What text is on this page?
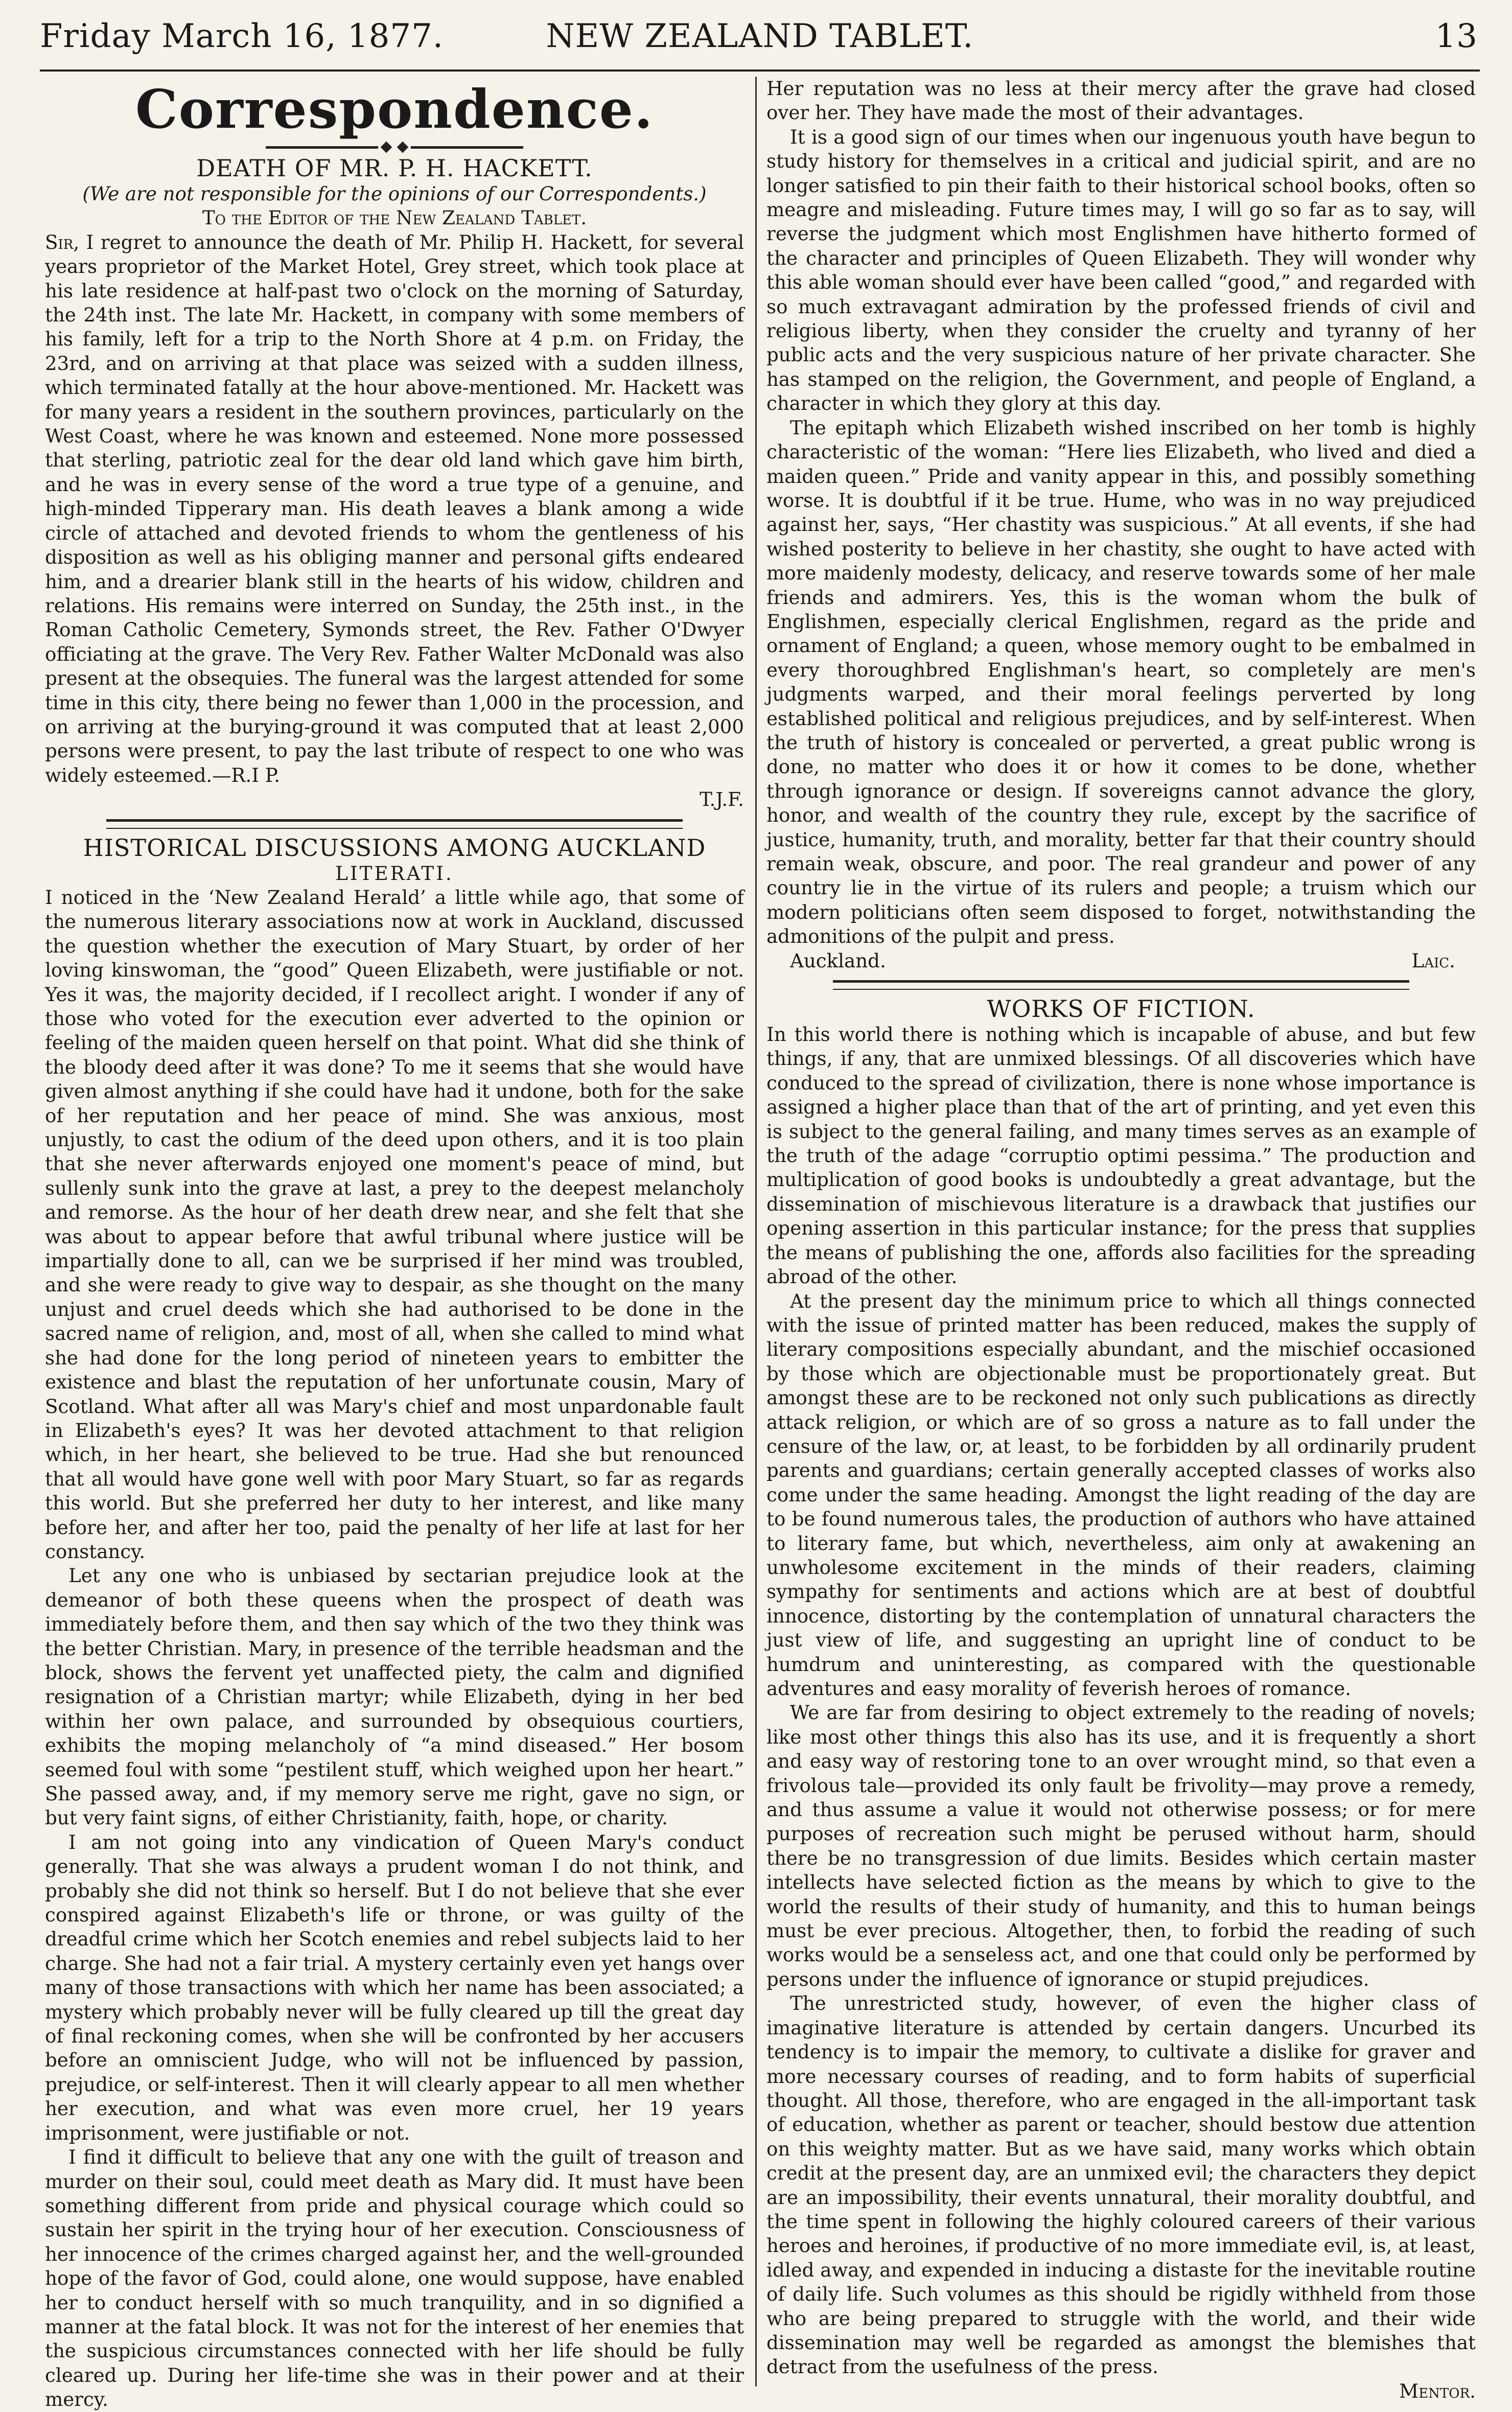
Friday March 16, 1877.	NEW ZEALAND TABLET.	13
Correspondence.

DEATH OF MR. P. H. HACKETT.

(We are not responsible for the opinions of our Correspondents.)

To the Editor of the New Zealand Tablet.

Sir, I regret to announce the death of Mr. Philip H. Hackett, for several years proprietor of the Market Hotel, Grey street, which took place at his late residence at half-past two o'clock on the morning of Saturday, the 24th inst. The late Mr. Hackett, in company with some members of his family, left for a trip to the North Shore at 4 p.m. on Friday, the 23rd, and on arriving at that place was seized with a sudden illness, which terminated fatally at the hour above-mentioned. Mr. Hackett was for many years a resident in the southern provinces, particularly on the West Coast, where he was known and esteemed. None more possessed that sterling, patriotic zeal for the dear old land which gave him birth, and he was in every sense of the word a true type of a genuine, and high-minded Tipperary man. His death leaves a blank among a wide circle of attached and devoted friends to whom the gentleness of his disposition as well as his obliging manner and personal gifts endeared him, and a drearier blank still in the hearts of his widow, children and relations. His remains were interred on Sunday, the 25th inst., in the Roman Catholic Cemetery, Symonds street, the Rev. Father O'Dwyer officiating at the grave. The Very Rev. Father Walter McDonald was also present at the obsequies. The funeral was the largest attended for some time in this city, there being no fewer than 1,000 in the procession, and on arriving at the burying-ground it was computed that at least 2,000 persons were present, to pay the last tribute of respect to one who was widely esteemed.—R.I P.

T.J.F.

HISTORICAL DISCUSSIONS AMONG AUCKLAND

LITERATI.

I noticed in the ‘New Zealand Herald’ a little while ago, that some of the numerous literary associations now at work in Auckland, discussed the question whether the execution of Mary Stuart, by order of her loving kinswoman, the “good” Queen Elizabeth, were justifiable or not. Yes it was, the majority decided, if I recollect aright. I wonder if any of those who voted for the execution ever adverted to the opinion or feeling of the maiden queen herself on that point. What did she think of the bloody deed after it was done? To me it seems that she would have given almost anything if she could have had it undone, both for the sake of her reputation and her peace of mind. She was anxious, most unjustly, to cast the odium of the deed upon others, and it is too plain that she never afterwards enjoyed one moment's peace of mind, but sullenly sunk into the grave at last, a prey to the deepest melancholy and remorse. As the hour of her death drew near, and she felt that she was about to appear before that awful tribunal where justice will be impartially done to all, can we be surprised if her mind was troubled, and she were ready to give way to despair, as she thought on the many unjust and cruel deeds which she had authorised to be done in the sacred name of religion, and, most of all, when she called to mind what she had done for the long period of nineteen years to embitter the existence and blast the reputation of her unfortunate cousin, Mary of Scotland. What after all was Mary's chief and most unpardonable fault in Elizabeth's eyes? It was her devoted attachment to that religion which, in her heart, she believed to be true. Had she but renounced that all would have gone well with poor Mary Stuart, so far as regards this world. But she preferred her duty to her interest, and like many before her, and after her too, paid the penalty of her life at last for her constancy.

Let any one who is unbiased by sectarian prejudice look at the demeanor of both these queens when the prospect of death was immediately before them, and then say which of the two they think was the better Christian. Mary, in presence of the terrible headsman and the block, shows the fervent yet unaffected piety, the calm and dignified resignation of a Christian martyr; while Elizabeth, dying in her bed within her own palace, and surrounded by obsequious courtiers, exhibits the moping melancholy of “a mind diseased.” Her bosom seemed foul with some “pestilent stuff, which weighed upon her heart.” She passed away, and, if my memory serve me right, gave no sign, or but very faint signs, of either Christianity, faith, hope, or charity.

I am not going into any vindication of Queen Mary's conduct generally. That she was always a prudent woman I do not think, and probably she did not think so herself. But I do not believe that she ever conspired against Elizabeth's life or throne, or was guilty of the dreadful crime which her Scotch enemies and rebel subjects laid to her charge. She had not a fair trial. A mystery certainly even yet hangs over many of those transactions with which her name has been associated; a mystery which probably never will be fully cleared up till the great day of final reckoning comes, when she will be confronted by her accusers before an omniscient Judge, who will not be influenced by passion, prejudice, or self-interest. Then it will clearly appear to all men whether her execution, and what was even more cruel, her 19 years imprisonment, were justifiable or not.

I find it difficult to believe that any one with the guilt of treason and murder on their soul, could meet death as Mary did. It must have been something different from pride and physical courage which could so sustain her spirit in the trying hour of her execution. Consciousness of her innocence of the crimes charged against her, and the well-grounded hope of the favor of God, could alone, one would suppose, have enabled her to conduct herself with so much tranquility, and in so dignified a manner at the fatal block. It was not for the interest of her enemies that the suspicious circumstances connected with her life should be fully cleared up. During her life-time she was in their power and at their mercy.

Her reputation was no less at their mercy after the grave had closed over her. They have made the most of their advantages.

It is a good sign of our times when our ingenuous youth have begun to study history for themselves in a critical and judicial spirit, and are no longer satisfied to pin their faith to their historical school books, often so meagre and misleading. Future times may, I will go so far as to say, will reverse the judgment which most Englishmen have hitherto formed of the character and principles of Queen Elizabeth. They will wonder why this able woman should ever have been called “good,” and regarded with so much extravagant admiration by the professed friends of civil and religious liberty, when they consider the cruelty and tyranny of her public acts and the very suspicious nature of her private character. She has stamped on the religion, the Government, and people of England, a character in which they glory at this day.

The epitaph which Elizabeth wished inscribed on her tomb is highly characteristic of the woman: “Here lies Elizabeth, who lived and died a maiden queen.” Pride and vanity appear in this, and possibly something worse. It is doubtful if it be true. Hume, who was in no way prejudiced against her, says, “Her chastity was suspicious.” At all events, if she had wished posterity to believe in her chastity, she ought to have acted with more maidenly modesty, delicacy, and reserve towards some of her male friends and admirers. Yes, this is the woman whom the bulk of Englishmen, especially clerical Englishmen, regard as the pride and ornament of England; a queen, whose memory ought to be embalmed in every thoroughbred Englishman's heart, so completely are men's judgments warped, and their moral feelings perverted by long established political and religious prejudices, and by self-interest. When the truth of history is concealed or perverted, a great public wrong is done, no matter who does it or how it comes to be done, whether through ignorance or design. If sovereigns cannot advance the glory, honor, and wealth of the country they rule, except by the sacrifice of justice, humanity, truth, and morality, better far that their country should remain weak, obscure, and poor. The real grandeur and power of any country lie in the virtue of its rulers and people; a truism which our modern politicians often seem disposed to forget, notwithstanding the admonitions of the pulpit and press.

Auckland.	Laic.

WORKS OF FICTION.

In this world there is nothing which is incapable of abuse, and but few things, if any, that are unmixed blessings. Of all discoveries which have conduced to the spread of civilization, there is none whose importance is assigned a higher place than that of the art of printing, and yet even this is subject to the general failing, and many times serves as an example of the truth of the adage “corruptio optimi pessima.” The production and multiplication of good books is undoubtedly a great advantage, but the dissemination of mischievous literature is a drawback that justifies our opening assertion in this particular instance; for the press that supplies the means of publishing the one, affords also facilities for the spreading abroad of the other.

At the present day the minimum price to which all things connected with the issue of printed matter has been reduced, makes the supply of literary compositions especially abundant, and the mischief occasioned by those which are objectionable must be proportionately great. But amongst these are to be reckoned not only such publications as directly attack religion, or which are of so gross a nature as to fall under the censure of the law, or, at least, to be forbidden by all ordinarily prudent parents and guardians; certain generally accepted classes of works also come under the same heading. Amongst the light reading of the day are to be found numerous tales, the production of authors who have attained to literary fame, but which, nevertheless, aim only at awakening an unwholesome excitement in the minds of their readers, claiming sympathy for sentiments and actions which are at best of doubtful innocence, distorting by the contemplation of unnatural characters the just view of life, and suggesting an upright line of conduct to be humdrum and uninteresting, as compared with the questionable adventures and easy morality of feverish heroes of romance.

We are far from desiring to object extremely to the reading of novels; like most other things this also has its use, and it is frequently a short and easy way of restoring tone to an over wrought mind, so that even a frivolous tale—provided its only fault be frivolity—may prove a remedy, and thus assume a value it would not otherwise possess; or for mere purposes of recreation such might be perused without harm, should there be no transgression of due limits. Besides which certain master intellects have selected fiction as the means by which to give to the world the results of their study of humanity, and this to human beings must be ever precious. Altogether, then, to forbid the reading of such works would be a senseless act, and one that could only be performed by persons under the influence of ignorance or stupid prejudices.

The unrestricted study, however, of even the higher class of imaginative literature is attended by certain dangers. Uncurbed its tendency is to impair the memory, to cultivate a dislike for graver and more necessary courses of reading, and to form habits of superficial thought. All those, therefore, who are engaged in the all-important task of education, whether as parent or teacher, should bestow due attention on this weighty matter. But as we have said, many works which obtain credit at the present day, are an unmixed evil; the characters they depict are an impossibility, their events unnatural, their morality doubtful, and the time spent in following the highly coloured careers of their various heroes and heroines, if productive of no more immediate evil, is, at least, idled away, and expended in inducing a distaste for the inevitable routine of daily life. Such volumes as this should be rigidly withheld from those who are being prepared to struggle with the world, and their wide dissemination may well be regarded as amongst the blemishes that detract from the usefulness of the press.

Mentor.
